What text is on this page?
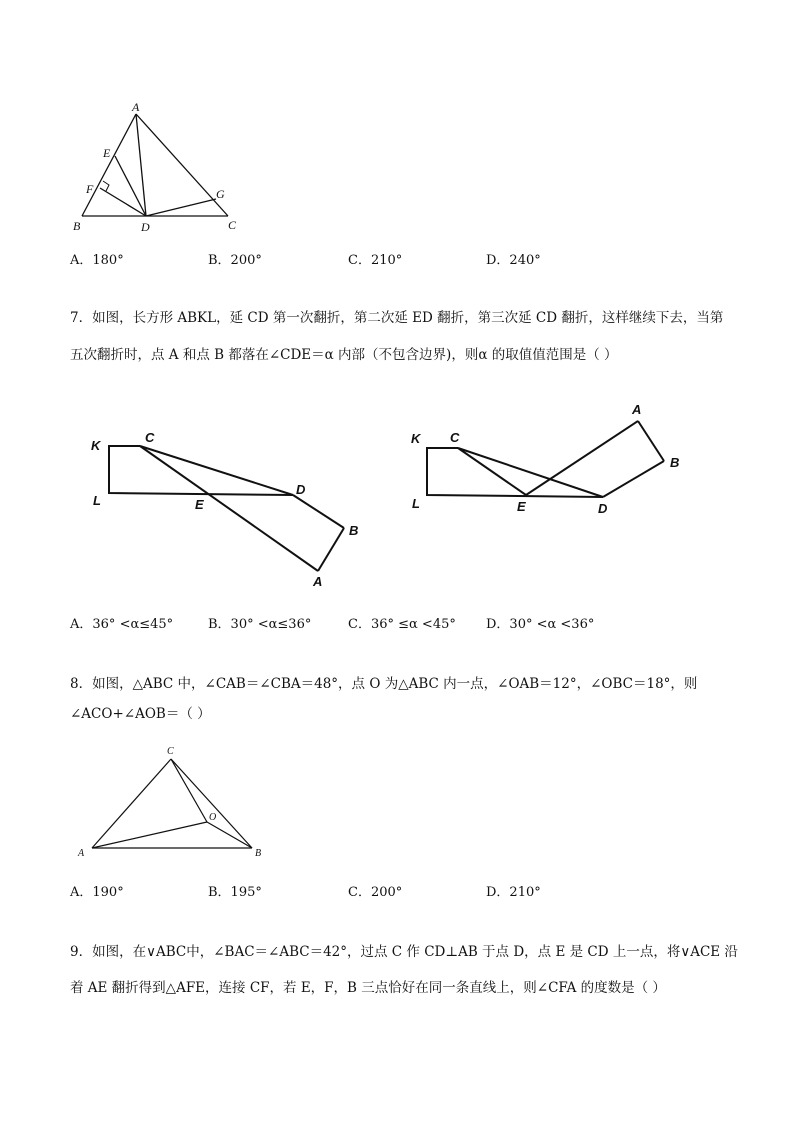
A
E
F	G
B	D	C
A．180°	B．200°	C．210°	D．240°
7．如图，长方形 ABKL，延 CD 第一次翻折，第二次延 ED 翻折，第三次延 CD 翻折，这样继续下去，当第
五次翻折时，点 A 和点 B 都落在∠CDE＝α 内部（不包含边界)，则α 的取值值范围是（ ）
K
C
L	E
D
B
A
K C
A
B
L	E	D
A．36° <α≤45°	B．30° <α≤36°	C．36° ≤α <45° D．30° <α <36°
8．如图，△ABC 中，∠CAB＝∠CBA＝48°，点 O 为△ABC 内一点，∠OAB＝12°，∠OBC＝18°，则
∠ACO+∠AOB＝（ ）
C
O
A	B
A．190°	B．195°	C．200°	D．210°
9．如图，在∨ABC中，∠BAC＝∠ABC＝42°，过点 C 作 CD⊥AB 于点 D，点 E 是 CD 上一点，将∨ACE 沿
着 AE 翻折得到△AFE，连接 CF，若 E，F，B 三点恰好在同一条直线上，则∠CFA 的度数是（ ）
